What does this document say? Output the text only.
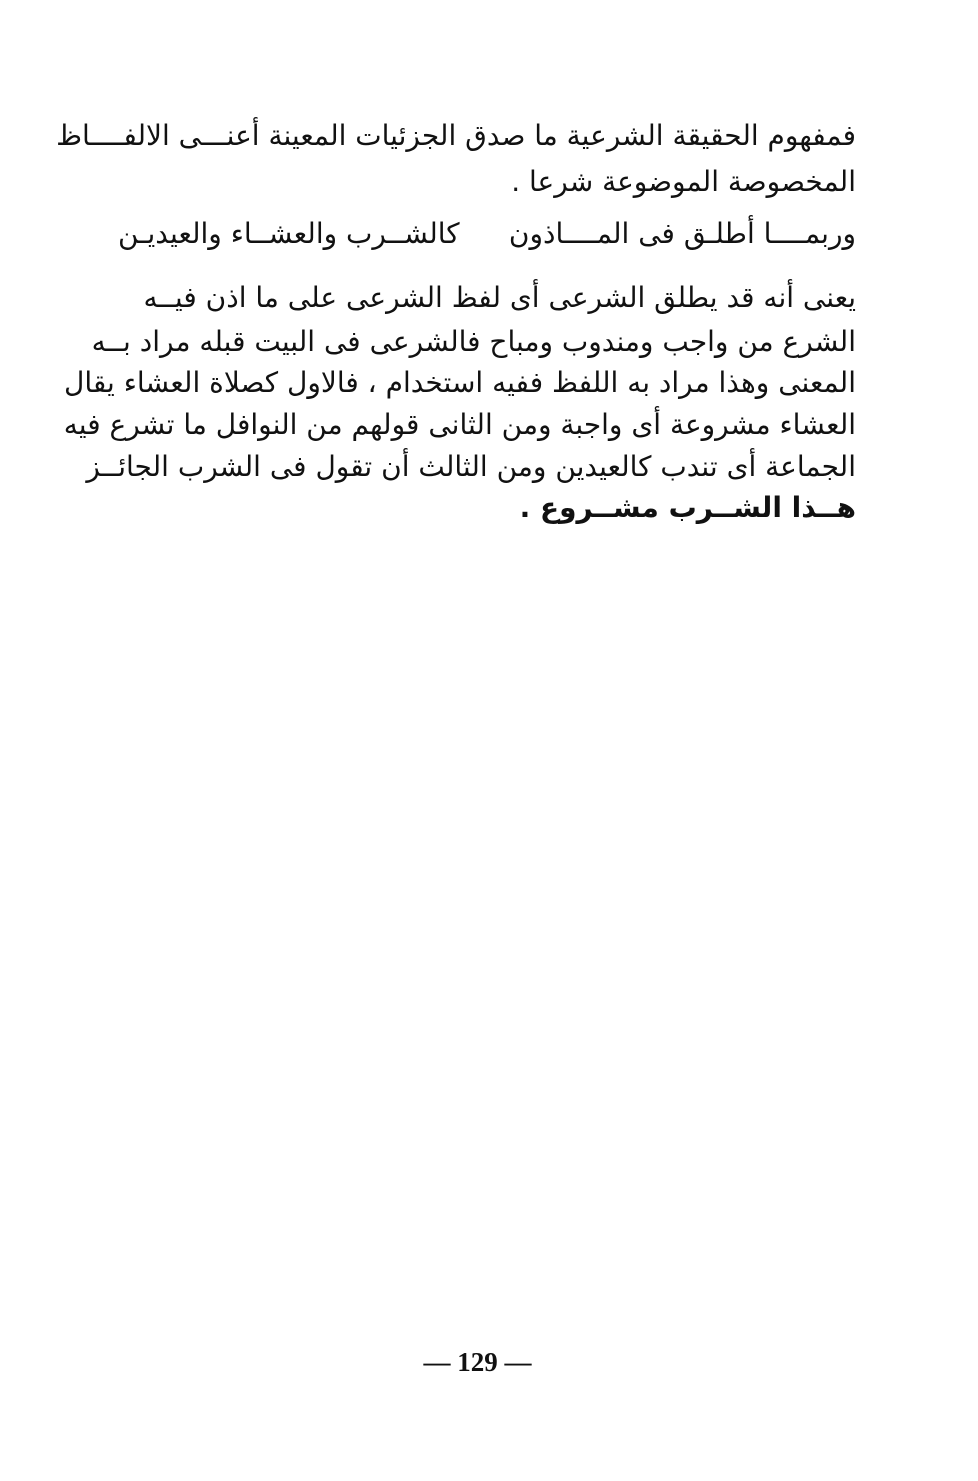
فمفهوم الحقيقة الشرعية ما صدق الجزئيات المعينة أعنـــى الالفــــاظ
المخصوصة الموضوعة شرعا .
وربمــــا أطلـق فى المــــاذون
كالشــرب والعشــاء والعيديـن
يعنى أنه قد يطلق الشرعى أى لفظ الشرعى على ما اذن فيــه
الشرع من واجب ومندوب ومباح فالشرعى فى البيت قبله مراد بــه
المعنى وهذا مراد به اللفظ ففيه استخدام ، فالاول كصلاة العشاء يقال
العشاء مشروعة أى واجبة ومن الثانى قولهم من النوافل ما تشرع فيه
الجماعة أى تندب كالعيدين ومن الثالث أن تقول فى الشرب الجائــز
هــذا الشــرب مشــروع .
— 129 —
